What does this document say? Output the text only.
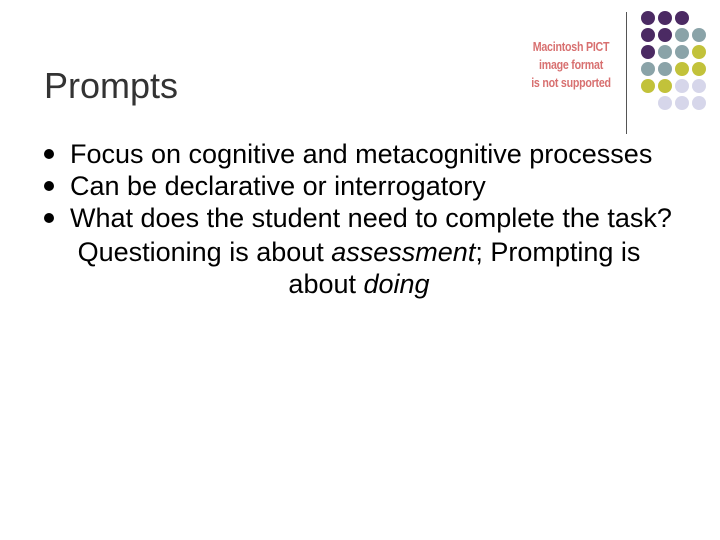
Prompts
Macintosh PICT
image format
is not supported
Focus on cognitive and metacognitive processes
Can be declarative or interrogatory
What does the student need to complete the task?
Questioning is about assessment; Prompting is about doing
